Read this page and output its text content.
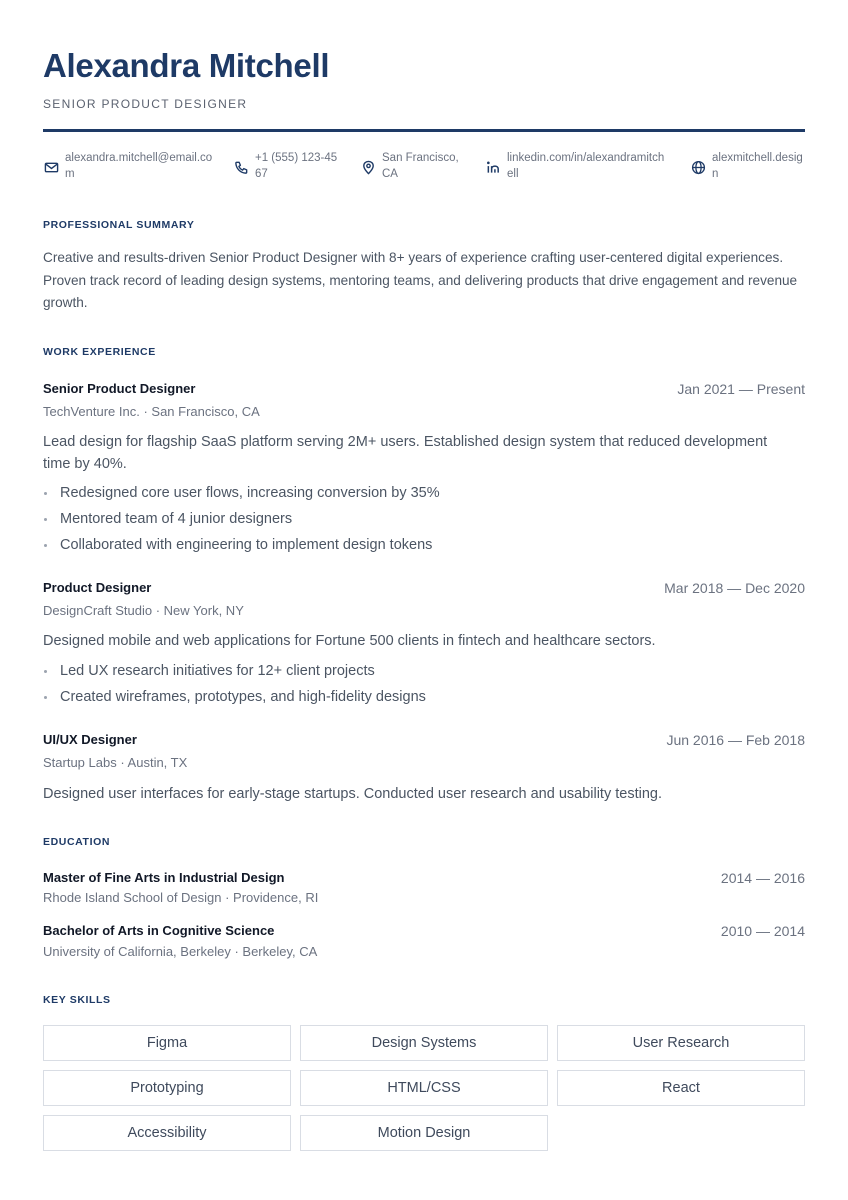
Alexandra Mitchell
SENIOR PRODUCT DESIGNER
alexandra.mitchell@email.com
+1 (555) 123-4567
San Francisco, CA
linkedin.com/in/alexandramitchell
alexmitchell.design
PROFESSIONAL SUMMARY
Creative and results-driven Senior Product Designer with 8+ years of experience crafting user-centered digital experiences. Proven track record of leading design systems, mentoring teams, and delivering products that drive engagement and revenue growth.
WORK EXPERIENCE
Senior Product Designer	Jan 2021 — Present
TechVenture Inc. · San Francisco, CA
Lead design for flagship SaaS platform serving 2M+ users. Established design system that reduced development time by 40%.
Redesigned core user flows, increasing conversion by 35%
Mentored team of 4 junior designers
Collaborated with engineering to implement design tokens
Product Designer	Mar 2018 — Dec 2020
DesignCraft Studio · New York, NY
Designed mobile and web applications for Fortune 500 clients in fintech and healthcare sectors.
Led UX research initiatives for 12+ client projects
Created wireframes, prototypes, and high-fidelity designs
UI/UX Designer	Jun 2016 — Feb 2018
Startup Labs · Austin, TX
Designed user interfaces for early-stage startups. Conducted user research and usability testing.
EDUCATION
Master of Fine Arts in Industrial Design	2014 — 2016
Rhode Island School of Design · Providence, RI
Bachelor of Arts in Cognitive Science	2010 — 2014
University of California, Berkeley · Berkeley, CA
KEY SKILLS
Figma	Design Systems	User Research
Prototyping	HTML/CSS	React
Accessibility	Motion Design
